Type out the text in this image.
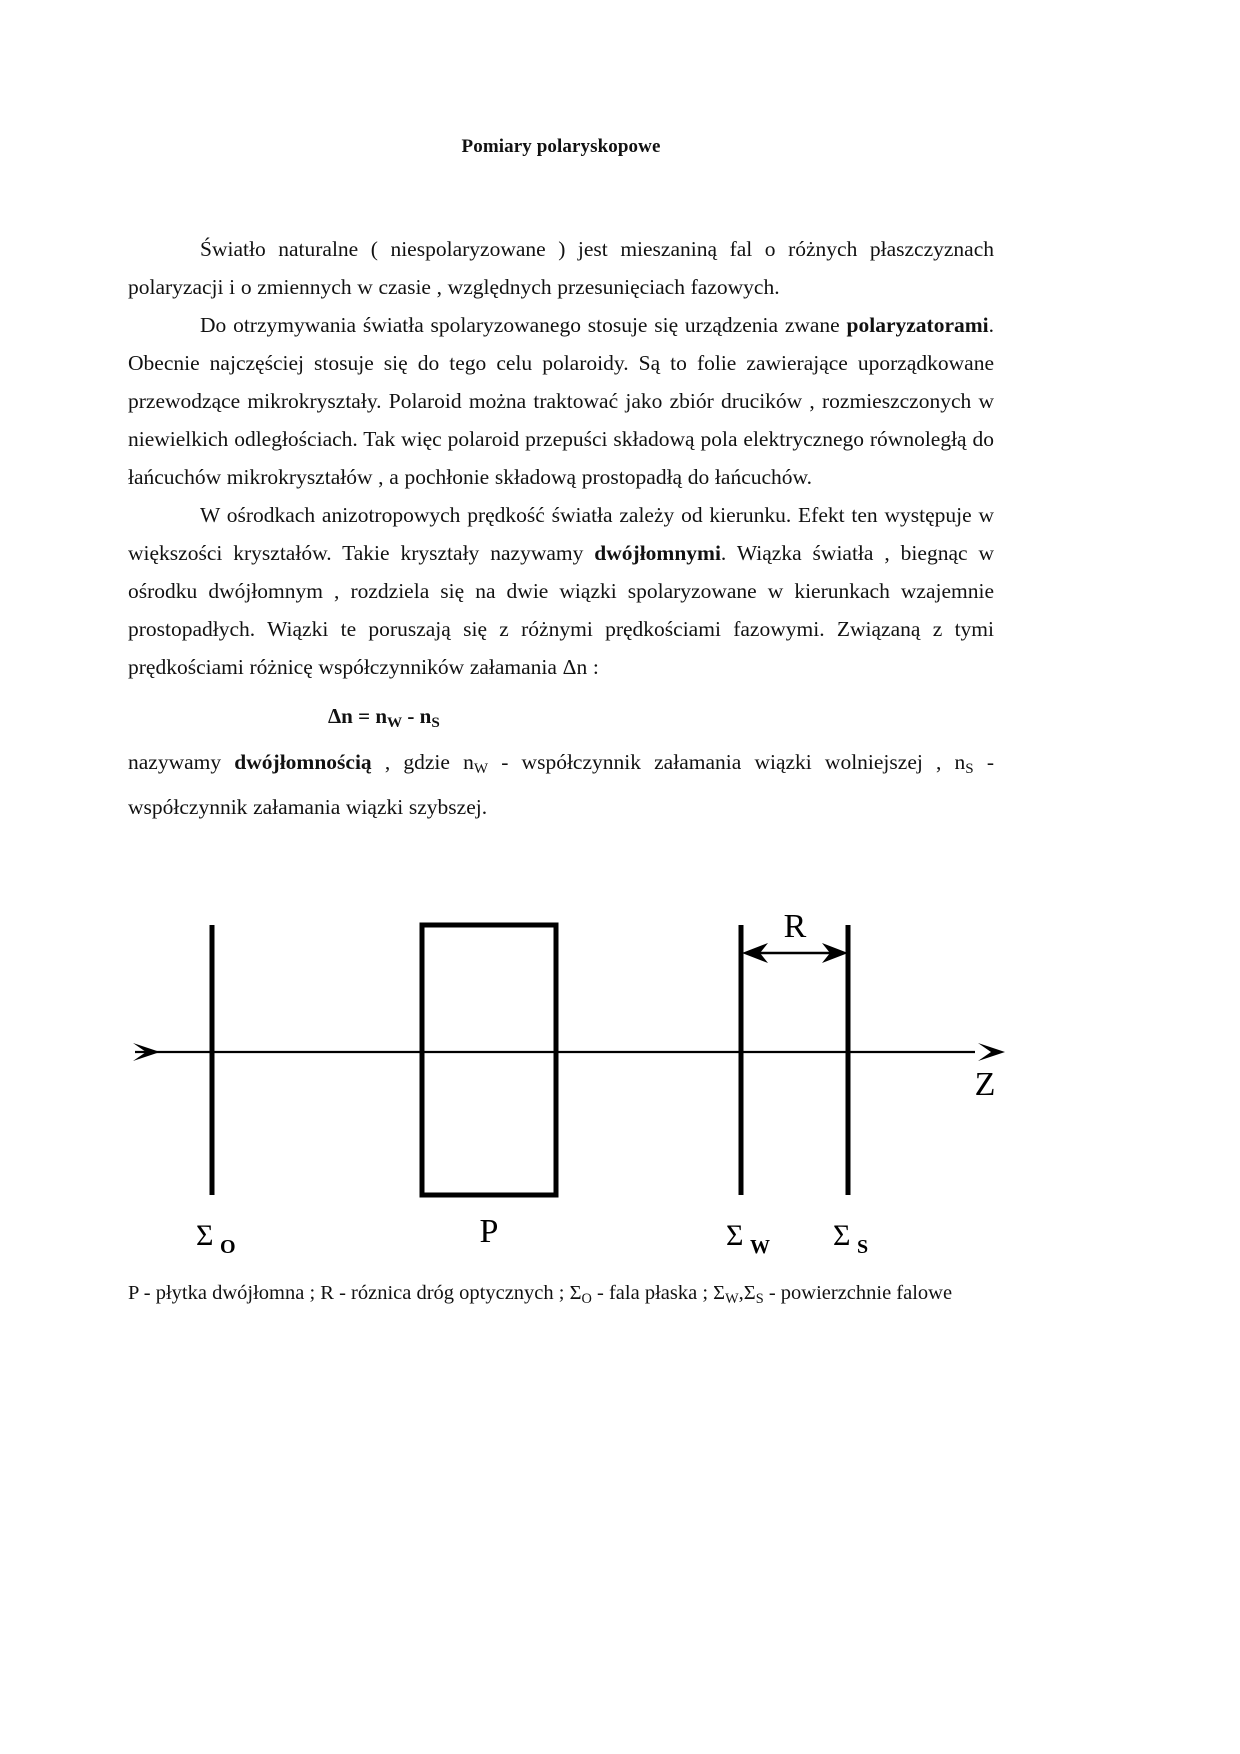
Pomiary polaryskopowe

Światło naturalne ( niespolaryzowane ) jest mieszaniną fal o różnych płaszczyznach polaryzacji i o zmiennych w czasie , względnych przesunięciach fazowych.

Do otrzymywania światła spolaryzowanego stosuje się urządzenia zwane polaryzatorami. Obecnie najczęściej stosuje się do tego celu polaroidy. Są to folie zawierające uporządkowane przewodzące mikrokryształy. Polaroid można traktować jako zbiór drucików , rozmieszczonych w niewielkich odległościach. Tak więc polaroid przepuści składową pola elektrycznego równoległą do łańcuchów mikrokryształów , a pochłonie składową prostopadłą do łańcuchów.

W ośrodkach anizotropowych prędkość światła zależy od kierunku. Efekt ten występuje w większości kryształów. Takie kryształy nazywamy dwójłomnymi. Wiązka światła , biegnąc w ośrodku dwójłomnym , rozdziela się na dwie wiązki spolaryzowane w kierunkach wzajemnie prostopadłych. Wiązki te poruszają się z różnymi prędkościami fazowymi. Związaną z tymi prędkościami różnicę współczynników załamania Δn :

$\Delta n = n_W - n_S$

nazywamy dwójłomnością , gdzie $n_W$ - współczynnik załamania wiązki wolniejszej , $n_S$ - współczynnik załamania wiązki szybszej.

R
Z
Σ O	P	Σ W Σ S
P - płytka dwójłomna ; R - róznica dróg optycznych ; $\Sigma_O$ - fala płaska ; $\Sigma_W,\Sigma_S$ - powierzchnie falowe
